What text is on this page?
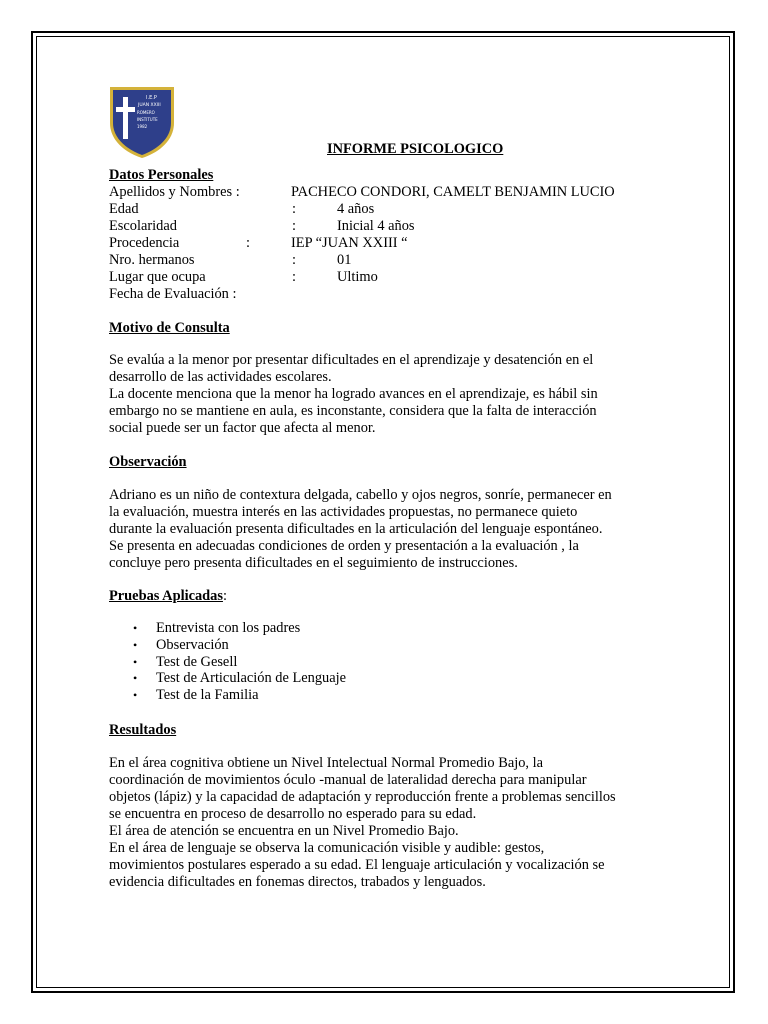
I.E.P
JUAN XXIII
ROMERO
INSTITUTE
1982
INFORME PSICOLOGICO
Datos Personales
Apellidos y Nombres :	PACHECO CONDORI, CAMELT BENJAMIN LUCIO
Edad	:	4 años
Escolaridad	:	Inicial 4 años
Procedencia	:	IEP “JUAN XXIII “
Nro. hermanos	:	01
Lugar que ocupa	:	Ultimo
Fecha de Evaluación :
Motivo de Consulta
Se evalúa a la menor por presentar dificultades en el aprendizaje y desatención en el
desarrollo de las actividades escolares.
La docente menciona que la menor ha logrado avances en el aprendizaje, es hábil sin
embargo no se mantiene en aula, es inconstante, considera que la falta de interacción
social puede ser un factor que afecta al menor.
Observación
Adriano es un niño de contextura delgada, cabello y ojos negros, sonríe, permanecer en
la evaluación, muestra interés en las actividades propuestas, no permanece quieto
durante la evaluación presenta dificultades en la articulación del lenguaje espontáneo.
Se presenta en adecuadas condiciones de orden y presentación a la evaluación , la
concluye pero presenta dificultades en el seguimiento de instrucciones.
Pruebas Aplicadas:
• Entrevista con los padres
• Observación
• Test de Gesell
• Test de Articulación de Lenguaje
• Test de la Familia
Resultados
En el área cognitiva obtiene un Nivel Intelectual Normal Promedio Bajo, la
coordinación de movimientos óculo -manual de lateralidad derecha para manipular
objetos (lápiz) y la capacidad de adaptación y reproducción frente a problemas sencillos
se encuentra en proceso de desarrollo no esperado para su edad.
El área de atención se encuentra en un Nivel Promedio Bajo.
En el área de lenguaje se observa la comunicación visible y audible: gestos,
movimientos postulares esperado a su edad. El lenguaje articulación y vocalización se
evidencia dificultades en fonemas directos, trabados y lenguados.
